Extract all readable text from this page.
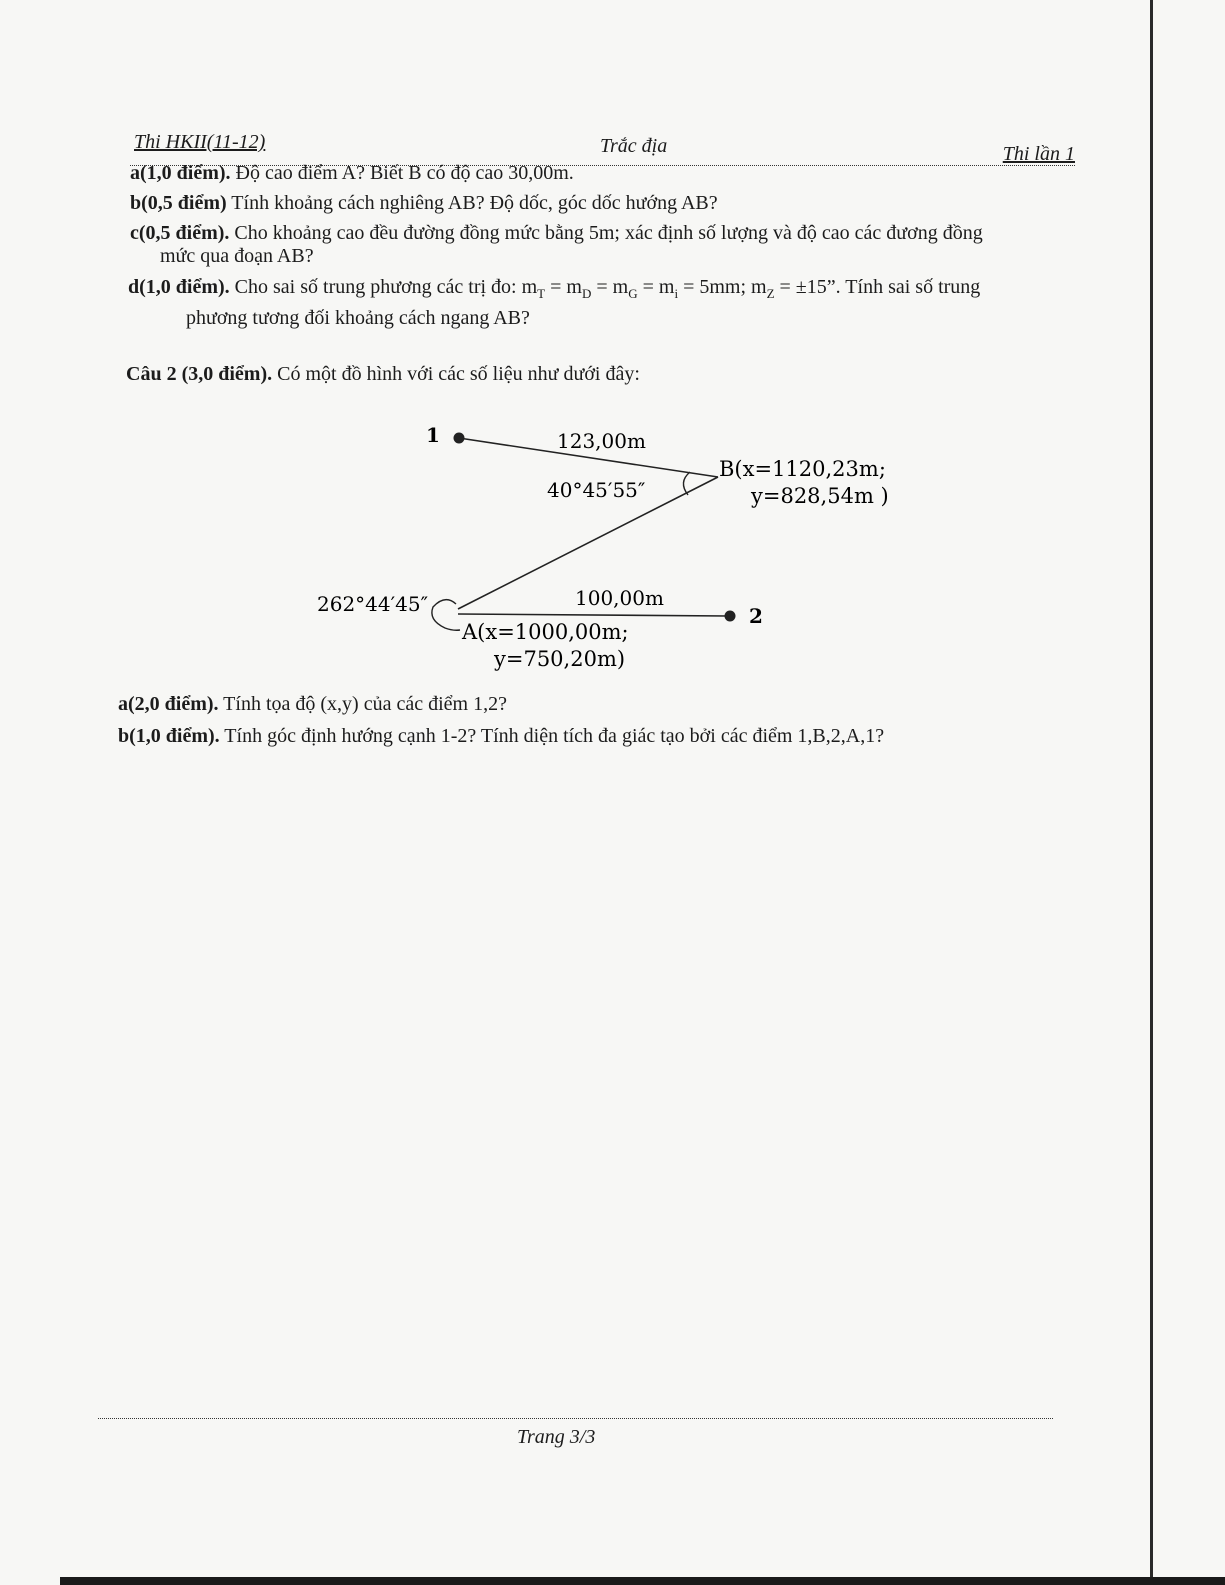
Thi HKII(11-12)	Trắc địa	Thi lần 1
a(1,0 điểm). Độ cao điểm A? Biết B có độ cao 30,00m.
b(0,5 điểm) Tính khoảng cách nghiêng AB? Độ dốc, góc dốc hướng AB?
c(0,5 điểm). Cho khoảng cao đều đường đồng mức bằng 5m; xác định số lượng và độ cao các đương đồng
mức qua đoạn AB?
d(1,0 điểm). Cho sai số trung phương các trị đo: $m_T = m_D = m_G = m_i = 5mm$; $m_Z = \pm 15$”. Tính sai số trung
phương tương đối khoảng cách ngang AB?
Câu 2 (3,0 điểm). Có một đồ hình với các số liệu như dưới đây:
1
2
123,00m
100,00m
40°45′55″
262°44′45″
B(x=1120,23m;
y=828,54m )
A(x=1000,00m;
y=750,20m)
a(2,0 điểm). Tính tọa độ (x,y) của các điểm 1,2?
b(1,0 điểm). Tính góc định hướng cạnh 1-2? Tính diện tích đa giác tạo bởi các điểm 1,B,2,A,1?
Trang 3/3
